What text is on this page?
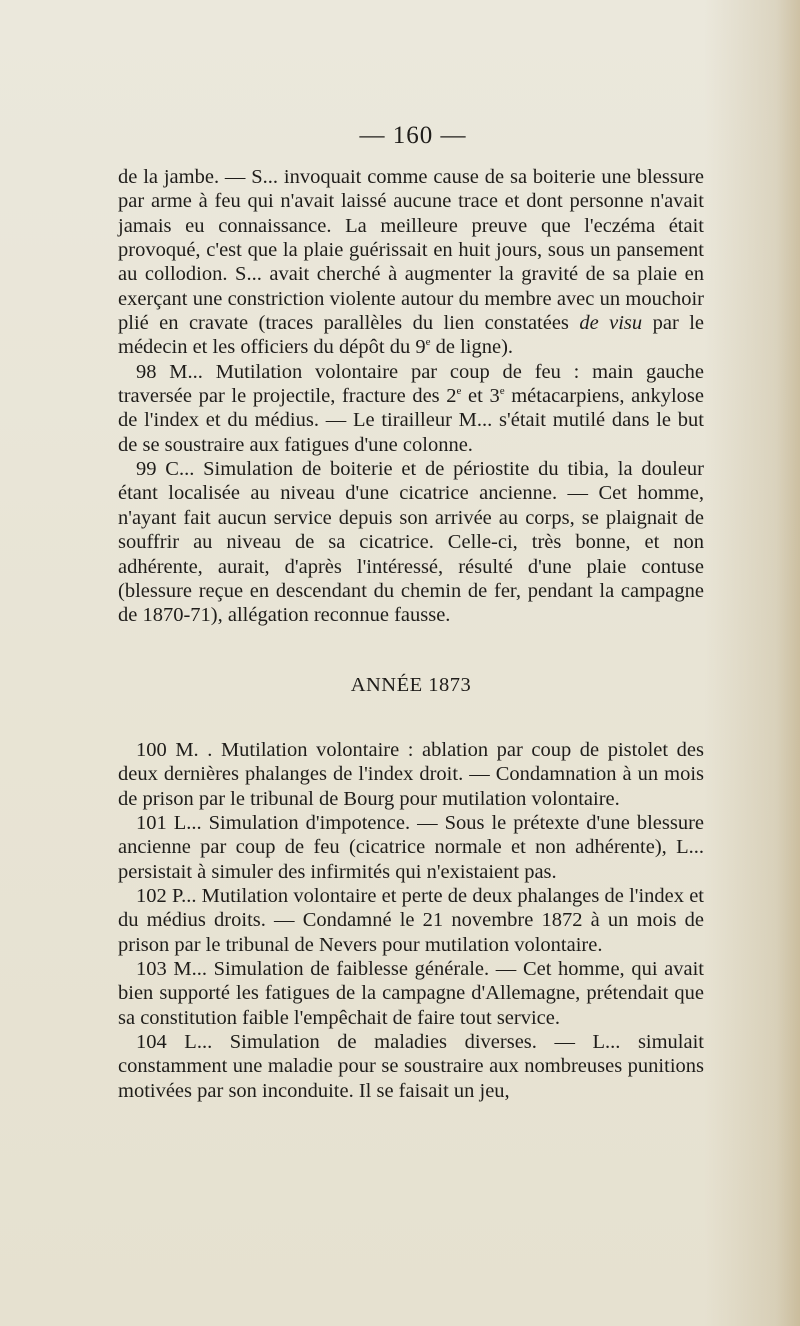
— 160 —

de la jambe. — S... invoquait comme cause de sa boiterie une blessure par arme à feu qui n'avait laissé aucune trace et dont personne n'avait jamais eu connaissance. La meilleure preuve que l'eczéma était provoqué, c'est que la plaie guérissait en huit jours, sous un pansement au collodion. S... avait cherché à augmenter la gravité de sa plaie en exerçant une constriction violente autour du membre avec un mouchoir plié en cravate (traces parallèles du lien constatées de visu par le médecin et les officiers du dépôt du 9e de ligne).

98 M... Mutilation volontaire par coup de feu : main gauche traversée par le projectile, fracture des 2e et 3e métacarpiens, ankylose de l'index et du médius. — Le tirailleur M... s'était mutilé dans le but de se soustraire aux fatigues d'une colonne.

99 C... Simulation de boiterie et de périostite du tibia, la douleur étant localisée au niveau d'une cicatrice ancienne. — Cet homme, n'ayant fait aucun service depuis son arrivée au corps, se plaignait de souffrir au niveau de sa cicatrice. Celle-ci, très bonne, et non adhérente, aurait, d'après l'intéressé, résulté d'une plaie contuse (blessure reçue en descendant du chemin de fer, pendant la campagne de 1870-71), allégation reconnue fausse.

ANNÉE 1873

100 M. . Mutilation volontaire : ablation par coup de pistolet des deux dernières phalanges de l'index droit. — Condamnation à un mois de prison par le tribunal de Bourg pour mutilation volontaire.

101 L... Simulation d'impotence. — Sous le prétexte d'une blessure ancienne par coup de feu (cicatrice normale et non adhérente), L... persistait à simuler des infirmités qui n'existaient pas.

102 P... Mutilation volontaire et perte de deux phalanges de l'index et du médius droits. — Condamné le 21 novembre 1872 à un mois de prison par le tribunal de Nevers pour mutilation volontaire.

103 M... Simulation de faiblesse générale. — Cet homme, qui avait bien supporté les fatigues de la campagne d'Allemagne, prétendait que sa constitution faible l'empêchait de faire tout service.

104 L... Simulation de maladies diverses. — L... simulait constamment une maladie pour se soustraire aux nombreuses punitions motivées par son inconduite. Il se faisait un jeu,
